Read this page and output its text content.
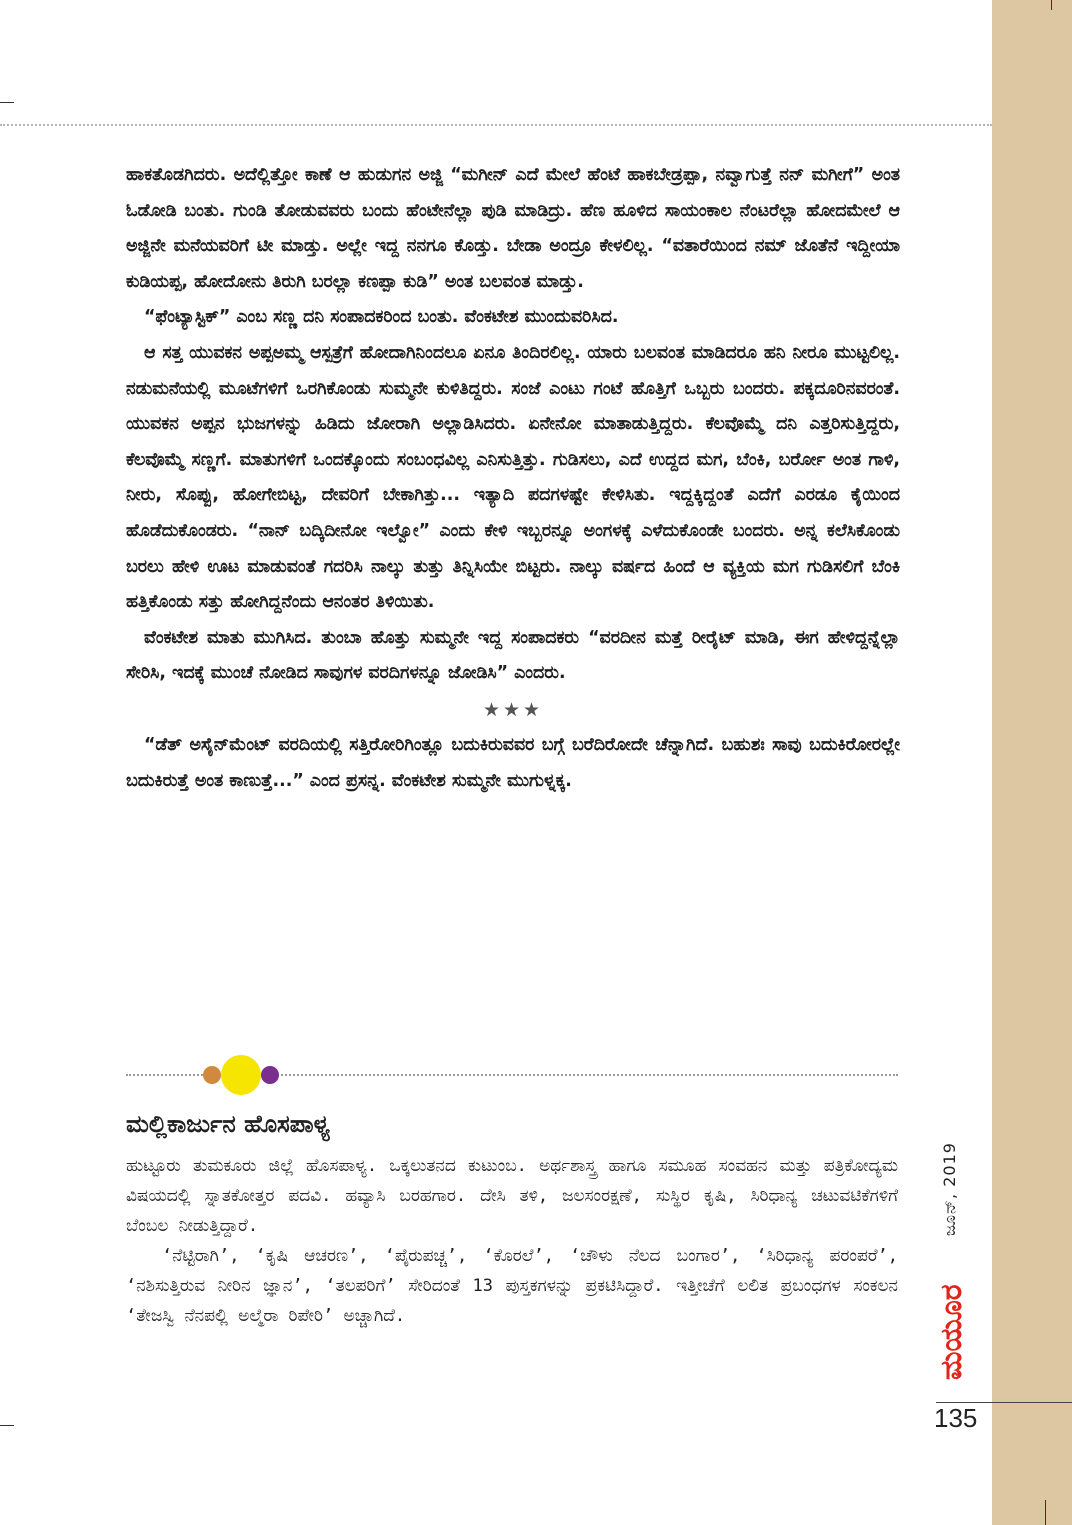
ಹಾಕತೊಡಗಿದರು. ಅದೆಲ್ಲಿತ್ತೋ ಕಾಣೆ ಆ ಹುಡುಗನ ಅಜ್ಜಿ “ಮಗೀನ್ ಎದೆ ಮೇಲೆ ಹೆಂಟೆ ಹಾಕಬೇಡ್ರಪ್ಪಾ, ನವ್ವಾಗುತ್ತೆ ನನ್ ಮಗೀಗೆ” ಅಂತ ಓಡೋಡಿ ಬಂತು. ಗುಂಡಿ ತೋಡುವವರು ಬಂದು ಹೆಂಟೇನೆಲ್ಲಾ ಪುಡಿ ಮಾಡಿದ್ರು. ಹೆಣ ಹೂಳಿದ ಸಾಯಂಕಾಲ ನೆಂಟರೆಲ್ಲಾ ಹೋದಮೇಲೆ ಆ ಅಜ್ಜಿನೇ ಮನೆಯವರಿಗೆ ಟೀ ಮಾಡ್ತು. ಅಲ್ಲೇ ಇದ್ದ ನನಗೂ ಕೊಡ್ತು. ಬೇಡಾ ಅಂದ್ರೂ ಕೇಳಲಿಲ್ಲ. “ವತಾರೆಯಿಂದ ನಮ್ ಜೊತೆನೆ ಇದ್ದೀಯಾ ಕುಡಿಯಪ್ಪ, ಹೋದೋನು ತಿರುಗಿ ಬರಲ್ಲಾ ಕಣಪ್ಪಾ ಕುಡಿ” ಅಂತ ಬಲವಂತ ಮಾಡ್ತು.

“ಫೆಂಟ್ಯಾಸ್ಟಿಕ್” ಎಂಬ ಸಣ್ಣ ದನಿ ಸಂಪಾದಕರಿಂದ ಬಂತು. ವೆಂಕಟೇಶ ಮುಂದುವರಿಸಿದ.

ಆ ಸತ್ತ ಯುವಕನ ಅಪ್ಪಅಮ್ಮ ಆಸ್ಪತ್ರೆಗೆ ಹೋದಾಗಿನಿಂದಲೂ ಏನೂ ತಿಂದಿರಲಿಲ್ಲ. ಯಾರು ಬಲವಂತ ಮಾಡಿದರೂ ಹನಿ ನೀರೂ ಮುಟ್ಟಲಿಲ್ಲ. ನಡುಮನೆಯಲ್ಲಿ ಮೂಟೆಗಳಿಗೆ ಒರಗಿಕೊಂಡು ಸುಮ್ಮನೇ ಕುಳಿತಿದ್ದರು. ಸಂಜೆ ಎಂಟು ಗಂಟೆ ಹೊತ್ತಿಗೆ ಒಬ್ಬರು ಬಂದರು. ಪಕ್ಕದೂರಿನವರಂತೆ. ಯುವಕನ ಅಪ್ಪನ ಭುಜಗಳನ್ನು ಹಿಡಿದು ಜೋರಾಗಿ ಅಲ್ಲಾಡಿಸಿದರು. ಏನೇನೋ ಮಾತಾಡುತ್ತಿದ್ದರು. ಕೆಲವೊಮ್ಮೆ ದನಿ ಎತ್ತರಿಸುತ್ತಿದ್ದರು, ಕೆಲವೊಮ್ಮೆ ಸಣ್ಣಗೆ. ಮಾತುಗಳಿಗೆ ಒಂದಕ್ಕೊಂದು ಸಂಬಂಧವಿಲ್ಲ ಎನಿಸುತ್ತಿತ್ತು. ಗುಡಿಸಲು, ಎದೆ ಉದ್ದದ ಮಗ, ಬೆಂಕಿ, ಬರ್ರೋ ಅಂತ ಗಾಳಿ, ನೀರು, ಸೊಪ್ಪು, ಹೋಗೇಬಿಟ್ಟ, ದೇವರಿಗೆ ಬೇಕಾಗಿತ್ತು... ಇತ್ಯಾದಿ ಪದಗಳಷ್ಟೇ ಕೇಳಿಸಿತು. ಇದ್ದಕ್ಕಿದ್ದಂತೆ ಎದೆಗೆ ಎರಡೂ ಕೈಯಿಂದ ಹೊಡೆದುಕೊಂಡರು. “ನಾನ್ ಬದ್ಕಿದೀನೋ ಇಲ್ವೋ” ಎಂದು ಕೇಳಿ ಇಬ್ಬರನ್ನೂ ಅಂಗಳಕ್ಕೆ ಎಳೆದುಕೊಂಡೇ ಬಂದರು. ಅನ್ನ ಕಲೆಸಿಕೊಂಡು ಬರಲು ಹೇಳಿ ಊಟ ಮಾಡುವಂತೆ ಗದರಿಸಿ ನಾಲ್ಕು ತುತ್ತು ತಿನ್ನಿಸಿಯೇ ಬಿಟ್ಟರು. ನಾಲ್ಕು ವರ್ಷದ ಹಿಂದೆ ಆ ವ್ಯಕ್ತಿಯ ಮಗ ಗುಡಿಸಲಿಗೆ ಬೆಂಕಿ ಹತ್ತಿಕೊಂಡು ಸತ್ತು ಹೋಗಿದ್ದನೆಂದು ಆನಂತರ ತಿಳಿಯಿತು.

ವೆಂಕಟೇಶ ಮಾತು ಮುಗಿಸಿದ. ತುಂಬಾ ಹೊತ್ತು ಸುಮ್ಮನೇ ಇದ್ದ ಸಂಪಾದಕರು “ವರದೀನ ಮತ್ತೆ ರೀರೈಟ್ ಮಾಡಿ, ಈಗ ಹೇಳಿದ್ದನ್ನೆಲ್ಲಾ ಸೇರಿಸಿ, ಇದಕ್ಕೆ ಮುಂಚೆ ನೋಡಿದ ಸಾವುಗಳ ವರದಿಗಳನ್ನೂ ಜೋಡಿಸಿ” ಎಂದರು.

★★★

“ಡೆತ್ ಅಸೈನ್‌ಮೆಂಟ್ ವರದಿಯಲ್ಲಿ ಸತ್ತಿರೋರಿಗಿಂತ್ಲೂ ಬದುಕಿರುವವರ ಬಗ್ಗೆ ಬರೆದಿರೋದೇ ಚೆನ್ನಾಗಿದೆ. ಬಹುಶಃ ಸಾವು ಬದುಕಿರೋರಲ್ಲೇ ಬದುಕಿರುತ್ತೆ ಅಂತ ಕಾಣುತ್ತೆ...” ಎಂದ ಪ್ರಸನ್ನ. ವೆಂಕಟೇಶ ಸುಮ್ಮನೇ ಮುಗುಳ್ನಕ್ಕ.

ಮಲ್ಲಿಕಾರ್ಜುನ ಹೊಸಪಾಳ್ಯ

ಹುಟ್ಟೂರು ತುಮಕೂರು ಜಿಲ್ಲೆ ಹೊಸಪಾಳ್ಯ. ಒಕ್ಕಲುತನದ ಕುಟುಂಬ. ಅರ್ಥಶಾಸ್ತ್ರ ಹಾಗೂ ಸಮೂಹ ಸಂವಹನ ಮತ್ತು ಪತ್ರಿಕೋದ್ಯಮ ವಿಷಯದಲ್ಲಿ ಸ್ನಾತಕೋತ್ತರ ಪದವಿ. ಹವ್ಯಾಸಿ ಬರಹಗಾರ. ದೇಸಿ ತಳಿ, ಜಲಸಂರಕ್ಷಣೆ, ಸುಸ್ಥಿರ ಕೃಷಿ, ಸಿರಿಧಾನ್ಯ ಚಟುವಟಿಕೆಗಳಿಗೆ ಬೆಂಬಲ ನೀಡುತ್ತಿದ್ದಾರೆ.

‘ನೆಟ್ಟಿರಾಗಿ’, ‘ಕೃಷಿ ಆಚರಣ’, ‘ಪೈರುಪಚ್ಚ’, ‘ಕೊರಲೆ’, ‘ಚೌಳು ನೆಲದ ಬಂಗಾರ’, ‘ಸಿರಿಧಾನ್ಯ ಪರಂಪರೆ’, ‘ನಶಿಸುತ್ತಿರುವ ನೀರಿನ ಜ್ಞಾನ’, ‘ತಲಪರಿಗೆ’ ಸೇರಿದಂತೆ 13 ಪುಸ್ತಕಗಳನ್ನು ಪ್ರಕಟಿಸಿದ್ದಾರೆ. ಇತ್ತೀಚೆಗೆ ಲಲಿತ ಪ್ರಬಂಧಗಳ ಸಂಕಲನ ‘ತೇಜಸ್ವಿ ನೆನಪಲ್ಲಿ ಅಲ್ಮೆರಾ ರಿಪೇರಿ’ ಅಚ್ಚಾಗಿದೆ.

ಜೂನ್, 2019
ಮಯೂರ
135
